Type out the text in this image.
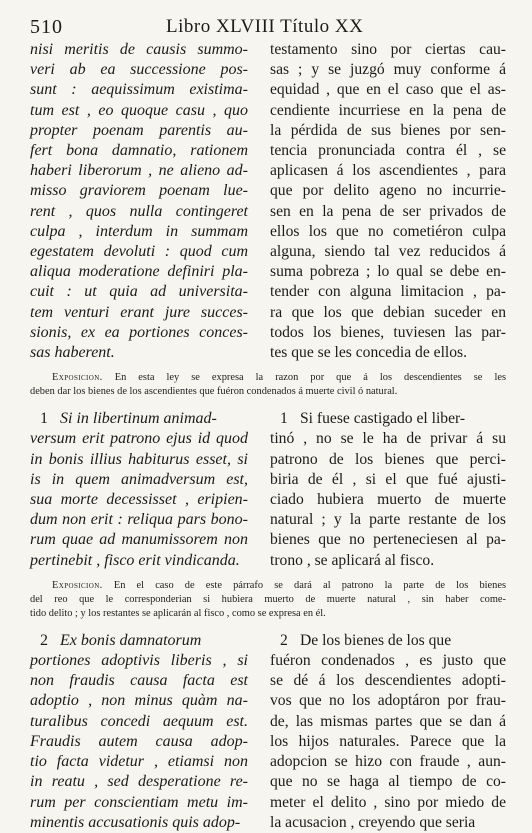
510	Libro XLVIII Título XX
nisi meritis de causis summo-
veri ab ea successione pos-
sunt : aequissimum existima-
tum est , eo quoque casu , quo
propter poenam parentis au-
fert bona damnatio, rationem
haberi liberorum , ne alieno ad-
misso graviorem poenam lue-
rent , quos nulla contingeret
culpa , interdum in summam
egestatem devoluti : quod cum
aliqua moderatione definiri pla-
cuit : ut quia ad universita-
tem venturi erant jure succes-
sionis, ex ea portiones conces-
sas haberent.
testamento sino por ciertas cau-
sas ; y se juzgó muy conforme á
equidad , que en el caso que el as-
cendiente incurriese en la pena de
la pérdida de sus bienes por sen-
tencia pronunciada contra él , se
aplicasen á los ascendientes , para
que por delito ageno no incurrie-
sen en la pena de ser privados de
ellos los que no cometiéron culpa
alguna, siendo tal vez reducidos á
suma pobreza ; lo qual se debe en-
tender con alguna limitacion , pa-
ra que los que debian suceder en
todos los bienes, tuviesen las par-
tes que se les concedia de ellos.
Exposicion. En esta ley se expresa la razon por que á los descendientes se les
deben dar los bienes de los ascendientes que fuéron condenados á muerte civil ó natural.
1 Si in libertinum animad-
versum erit patrono ejus id quod
in bonis illius habiturus esset, si
is in quem animadversum est,
sua morte decessisset , eripien-
dum non erit : reliqua pars bono-
rum quae ad manumissorem non
pertinebit , fisco erit vindicanda.
1 Si fuese castigado el liber-
tinó , no se le ha de privar á su
patrono de los bienes que perci-
biria de él , si el que fué ajusti-
ciado hubiera muerto de muerte
natural ; y la parte restante de los
bienes que no perteneciesen al pa-
trono , se aplicará al fisco.
Exposicion. En el caso de este párrafo se dará al patrono la parte de los bienes
del reo que le corresponderian si hubiera muerto de muerte natural , sin haber come-
tido delito ; y los restantes se aplicarán al fisco , como se expresa en él.
2 Ex bonis damnatorum
portiones adoptivis liberis , si
non fraudis causa facta est
adoptio , non minus quàm na-
turalibus concedi aequum est.
Fraudis autem causa adop-
tio facta videtur , etiamsi non
in reatu , sed desperatione re-
rum per conscientiam metu im-
minentis accusationis quis adop-
2 De los bienes de los que
fuéron condenados , es justo que
se dé á los descendientes adopti-
vos que no los adoptáron por frau-
de, las mismas partes que se dan á
los hijos naturales. Parece que la
adopcion se hizo con fraude , aun-
que no se haga al tiempo de co-
meter el delito , sino por miedo de
la acusacion , creyendo que seria
